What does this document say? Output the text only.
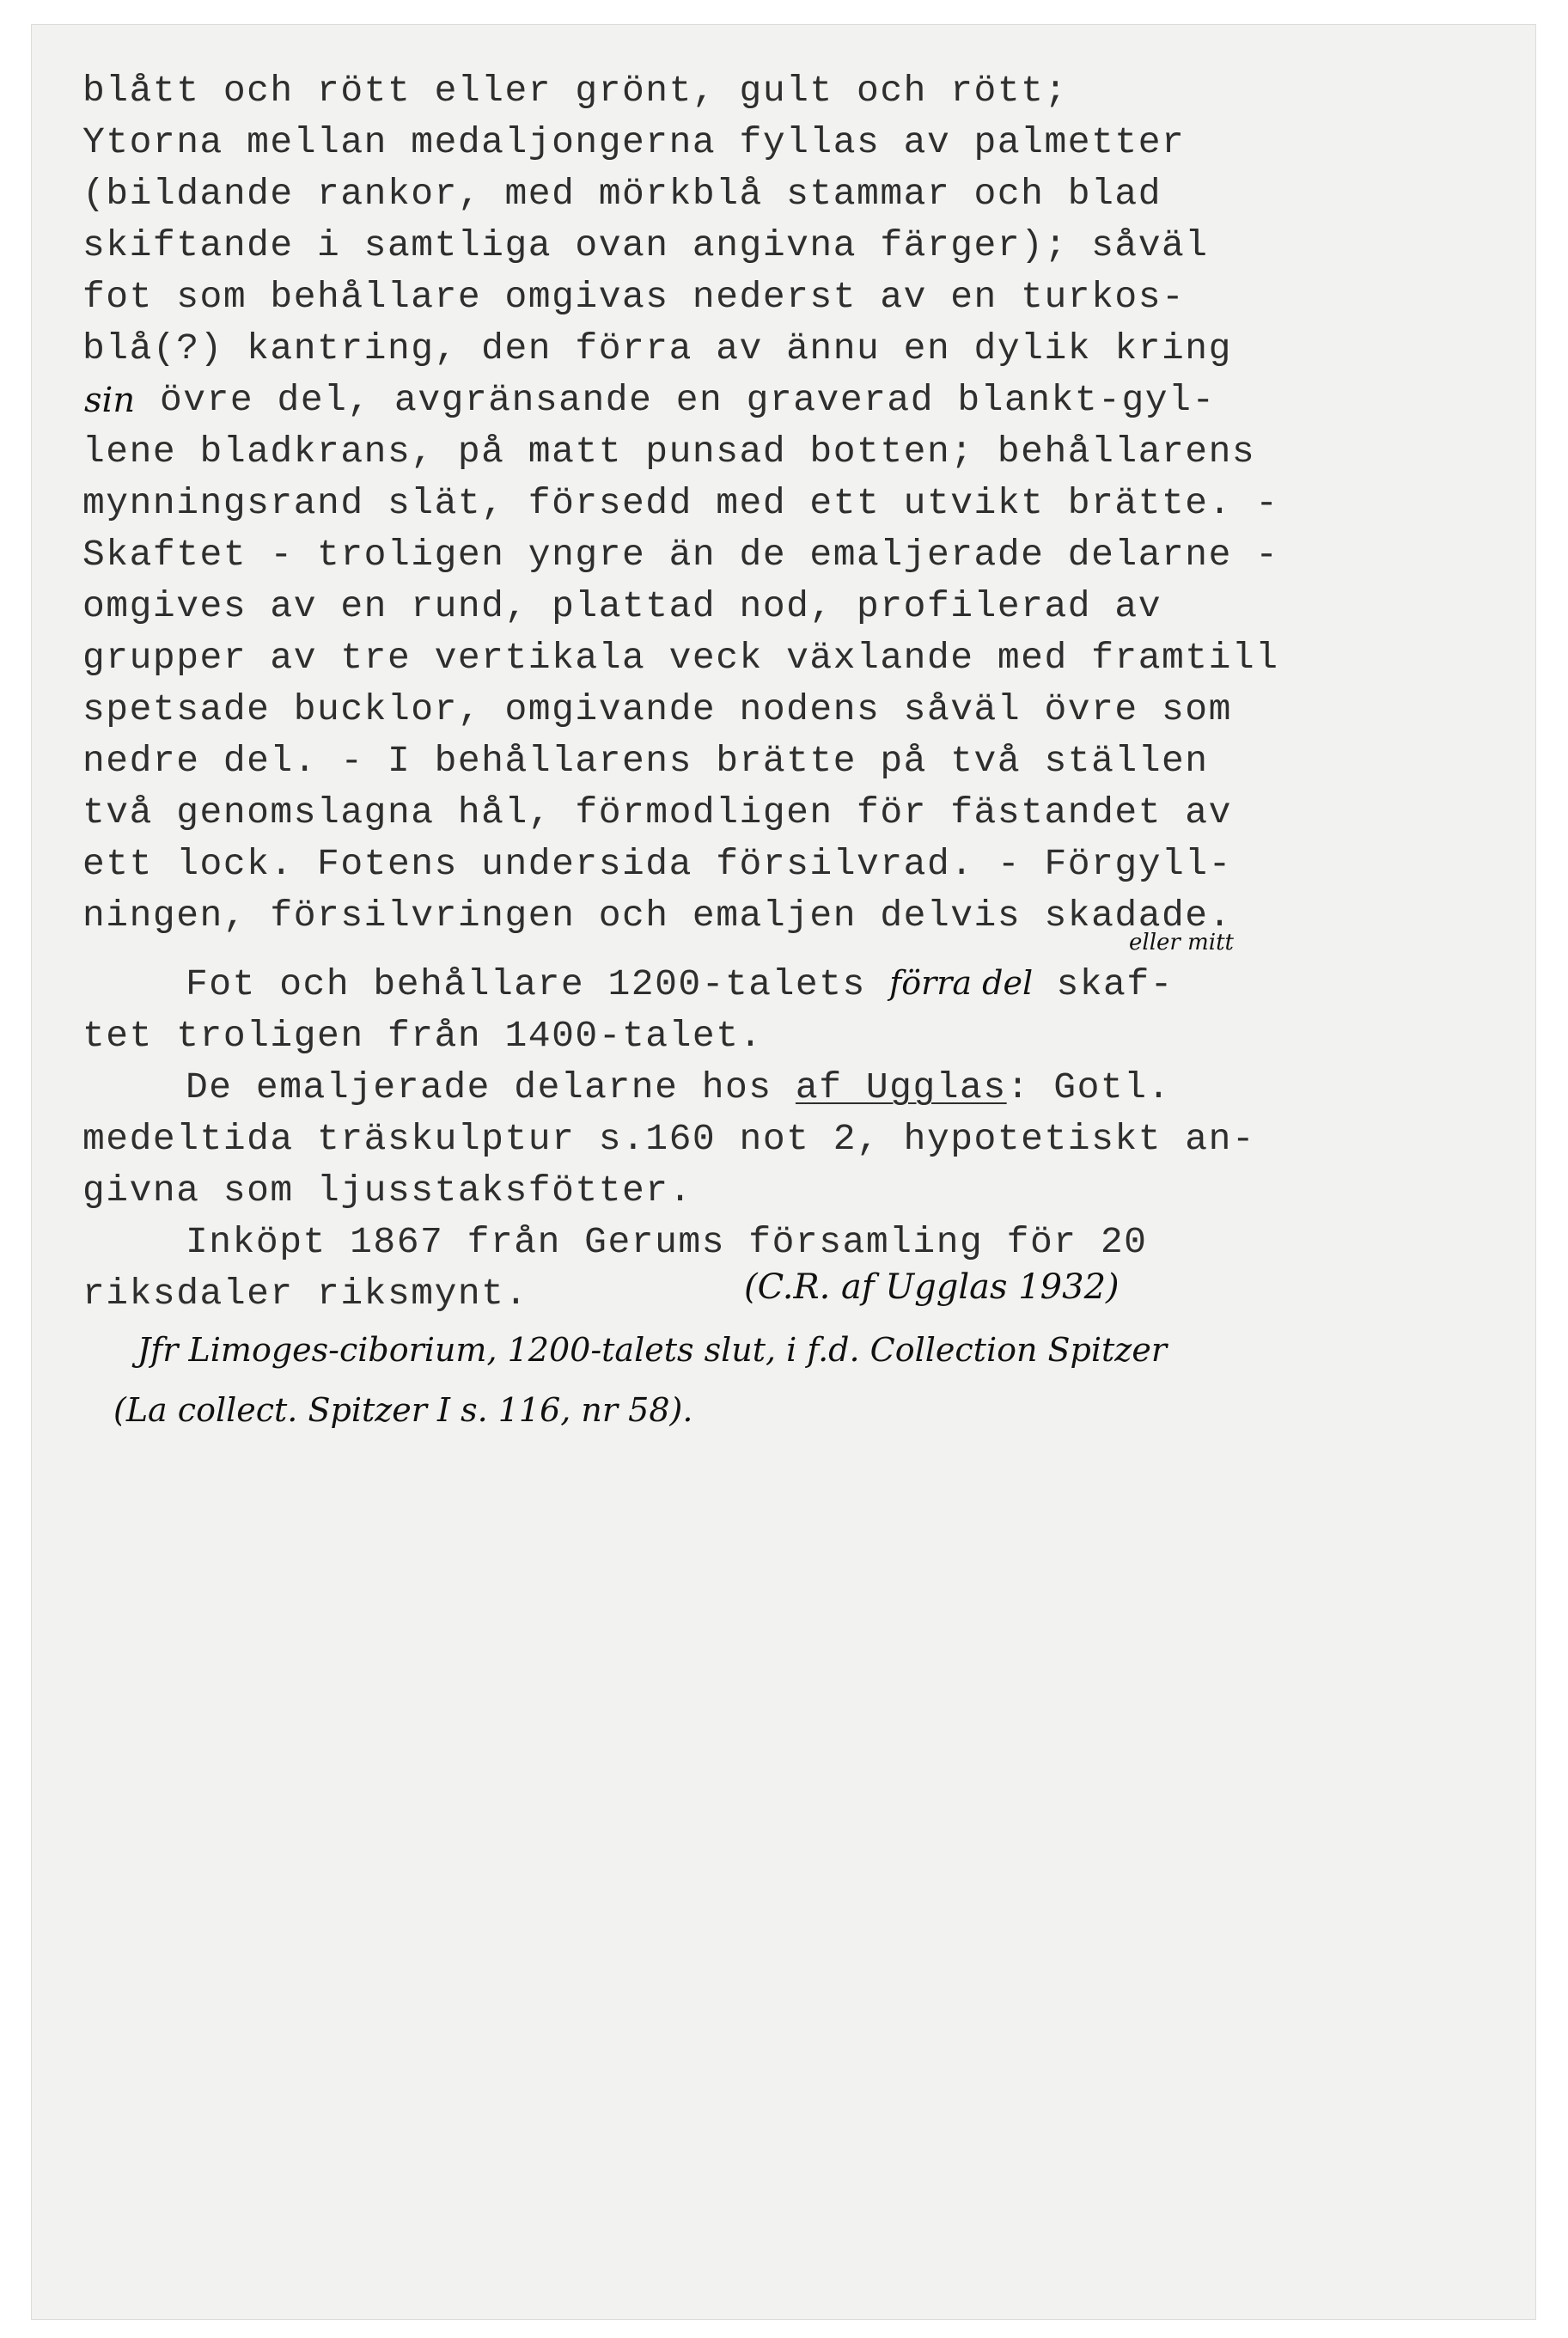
blått och rött eller grönt, gult och rött;
Ytorna mellan medaljongerna fyllas av palmetter
(bildande rankor, med mörkblå stammar och blad
skiftande i samtliga ovan angivna färger); såväl
fot som behållare omgivas nederst av en turkos-
blå(?) kantring, den förra av ännu en dylik kring
sin övre del, avgränsande en graverad blankt-gyl-
lene bladkrans, på matt punsad botten; behållarens
mynningsrand slät, försedd med ett utvikt brätte. -
Skaftet - troligen yngre än de emaljerade delarne -
omgives av en rund, plattad nod, profilerad av
grupper av tre vertikala veck växlande med framtill
spetsade bucklor, omgivande nodens såväl övre som
nedre del. - I behållarens brätte på två ställen
två genomslagna hål, förmodligen för fästandet av
ett lock. Fotens undersida försilvrad. - Förgyll-
ningen, försilvringen och emaljen delvis skadade.
eller mitt
Fot och behållare 1200-talets förra del skaf-
tet troligen från 1400-talet.
De emaljerade delarne hos af Ugglas: Gotl.
medeltida träskulptur s.160 not 2, hypotetiskt an-
givna som ljusstaksfötter.
Inköpt 1867 från Gerums församling för 20
riksdaler riksmynt.	(C.R. af Ugglas 1932)
Jfr Limoges-ciborium, 1200-talets slut, i f.d. Collection Spitzer
(La collect. Spitzer I s. 116, nr 58).
